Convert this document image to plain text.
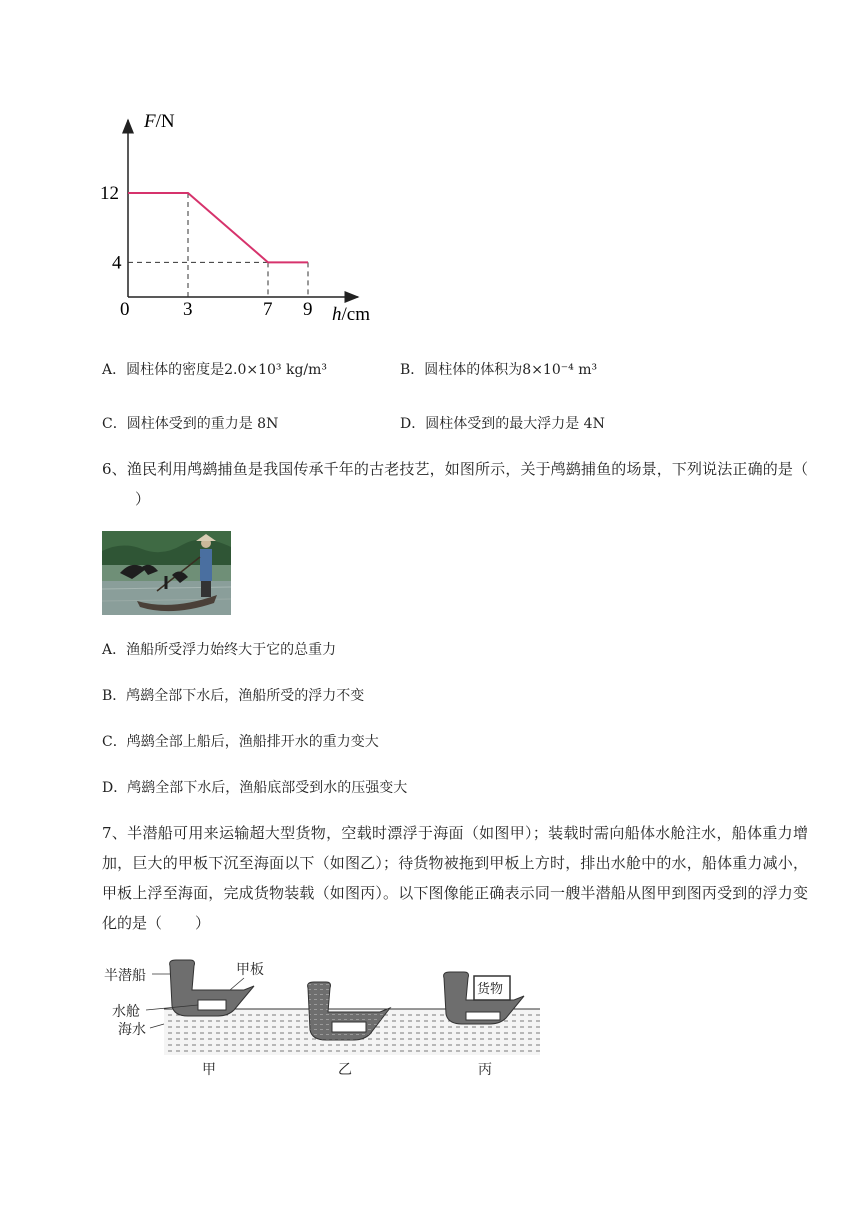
F/N
h/cm
0	3	7 9
12
4
A．圆柱体的密度是2.0×10³ kg/m³	B．圆柱体的体积为8×10⁻⁴ m³
C．圆柱体受到的重力是 8N	D．圆柱体受到的最大浮力是 4N
6、渔民利用鸬鹚捕鱼是我国传承千年的古老技艺，如图所示，关于鸬鹚捕鱼的场景，下列说法正确的是（）
A．渔船所受浮力始终大于它的总重力
B．鸬鹚全部下水后，渔船所受的浮力不变
C．鸬鹚全部上船后，渔船排开水的重力变大
D．鸬鹚全部下水后，渔船底部受到水的压强变大
7、半潜船可用来运输超大型货物，空载时漂浮于海面（如图甲）；装载时需向船体水舱注水，船体重力增加，巨大的甲板下沉至海面以下（如图乙）；待货物被拖到甲板上方时，排出水舱中的水，船体重力减小，甲板上浮至海面，完成货物装载（如图丙）。以下图像能正确表示同一艘半潜船从图甲到图丙受到的浮力变化的是（ ）
半潜船	甲板
水舱
海水
货物
甲	乙	丙
